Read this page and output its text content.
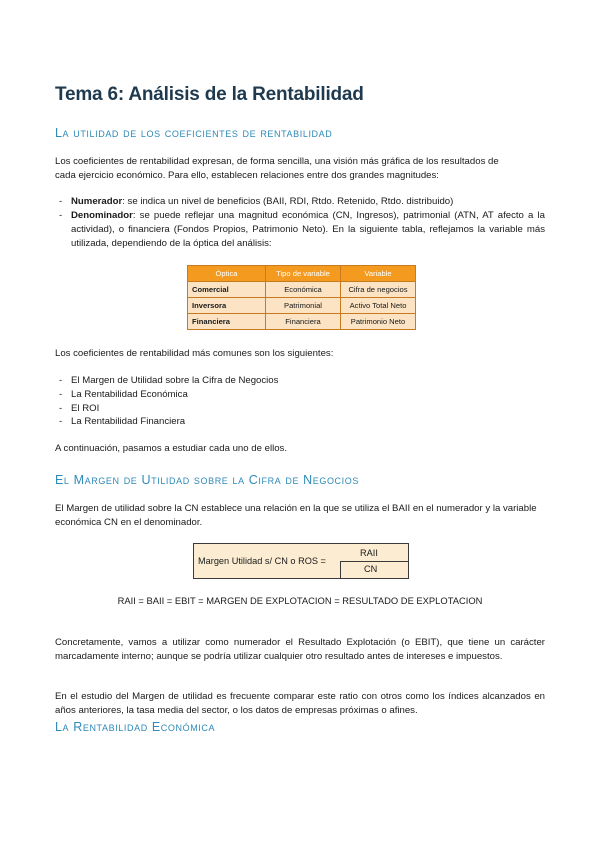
Tema 6: Análisis de la Rentabilidad
La utilidad de los coeficientes de rentabilidad
Los coeficientes de rentabilidad expresan, de forma sencilla, una visión más gráfica de los resultados de
cada ejercicio económico. Para ello, establecen relaciones entre dos grandes magnitudes:
- Numerador: se indica un nivel de beneficios (BAII, RDI, Rtdo. Retenido, Rtdo. distribuido)
- Denominador: se puede reflejar una magnitud económica (CN, Ingresos), patrimonial (ATN, AT afecto a la actividad), o financiera (Fondos Propios, Patrimonio Neto). En la siguiente tabla, reflejamos la variable más utilizada, dependiendo de la óptica del análisis:
Óptica	Tipo de variable	Variable
Comercial	Económica	Cifra de negocios
Inversora	Patrimonial	Activo Total Neto
Financiera	Financiera	Patrimonio Neto
Los coeficientes de rentabilidad más comunes son los siguientes:
- El Margen de Utilidad sobre la Cifra de Negocios
- La Rentabilidad Económica
- El ROI
- La Rentabilidad Financiera
A continuación, pasamos a estudiar cada uno de ellos.
El Margen de Utilidad sobre la Cifra de Negocios
El Margen de utilidad sobre la CN establece una relación en la que se utiliza el BAII en el numerador y la variable económica CN en el denominador.
Margen Utilidad s/ CN o ROS =
RAII
CN
RAII = BAII = EBIT = MARGEN DE EXPLOTACION = RESULTADO DE EXPLOTACION
Concretamente, vamos a utilizar como numerador el Resultado Explotación (o EBIT), que tiene un carácter marcadamente interno; aunque se podría utilizar cualquier otro resultado antes de intereses e impuestos.
En el estudio del Margen de utilidad es frecuente comparar este ratio con otros como los índices alcanzados en años anteriores, la tasa media del sector, o los datos de empresas próximas o afines.
La Rentabilidad Económica
